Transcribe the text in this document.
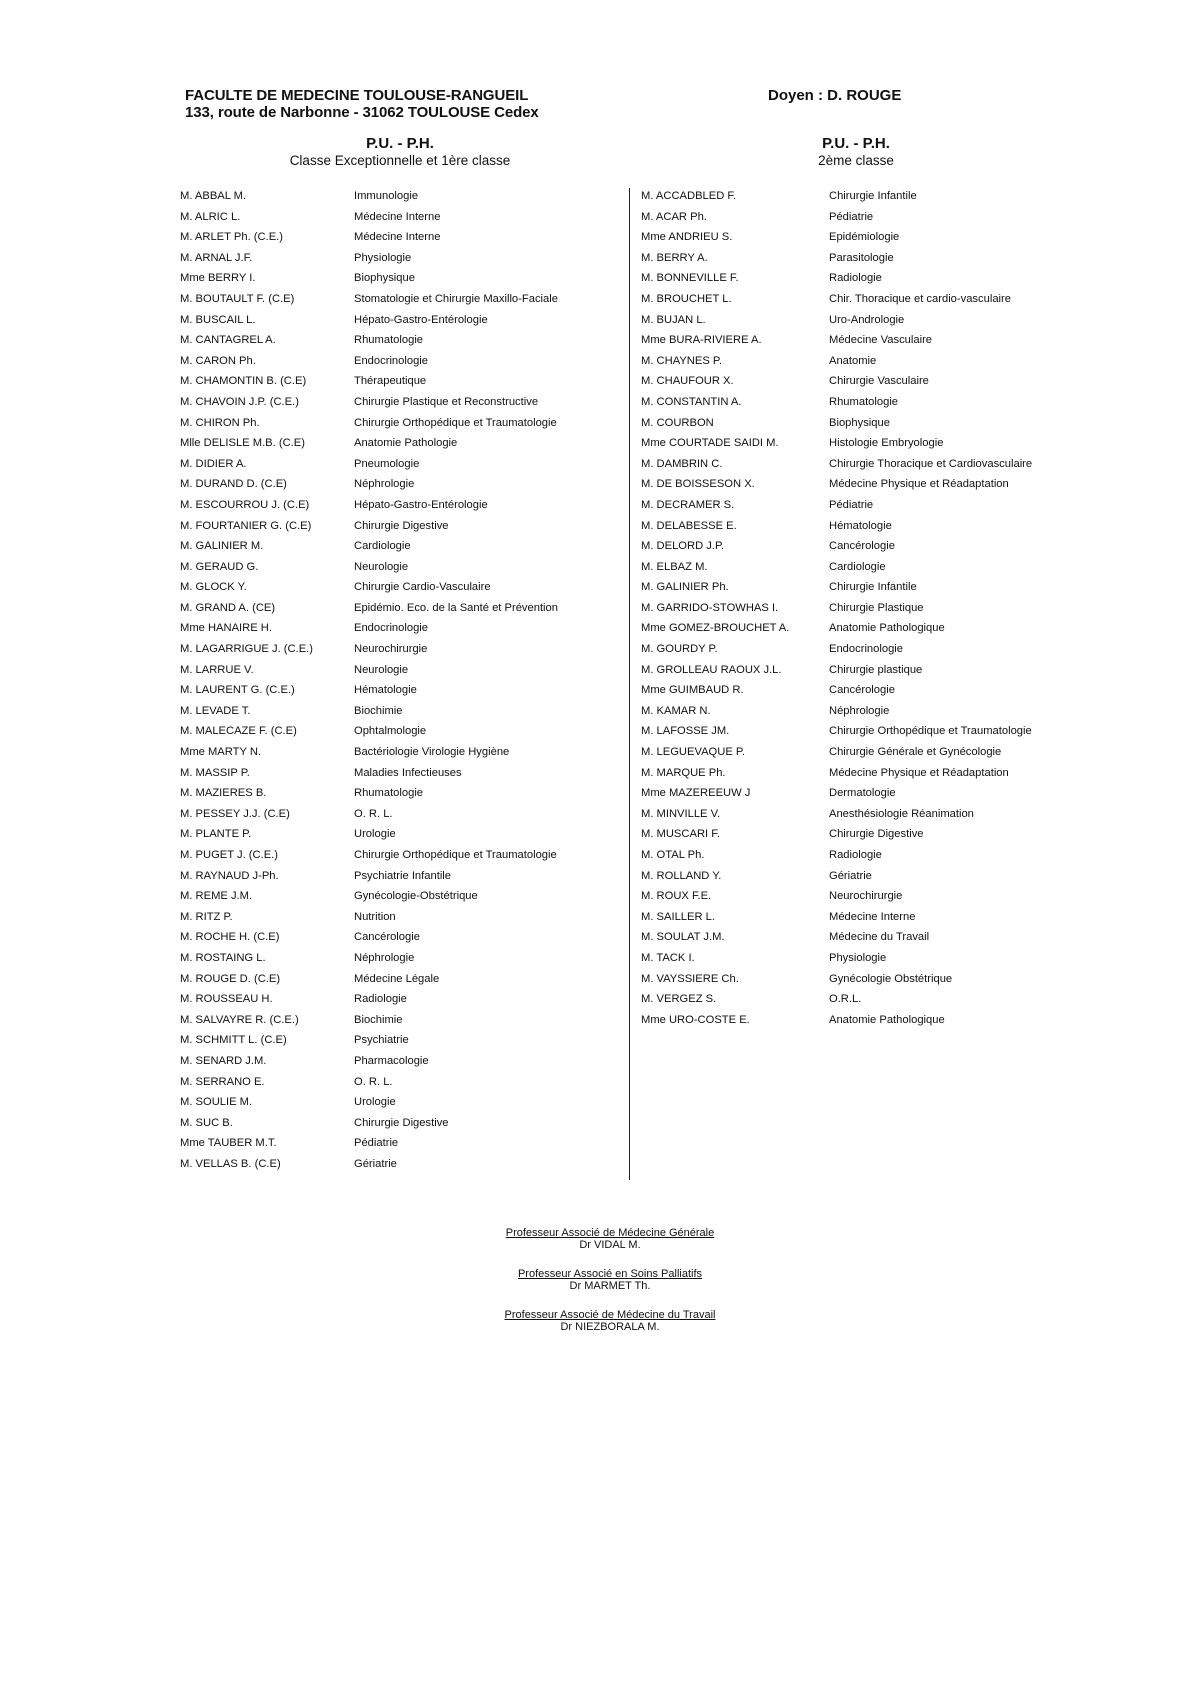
FACULTE DE MEDECINE TOULOUSE-RANGUEIL
133, route de Narbonne - 31062 TOULOUSE Cedex
Doyen : D. ROUGE
P.U. - P.H.
Classe Exceptionnelle et 1ère classe
P.U. - P.H.
2ème classe
M. ABBAL M.	Immunologie
M. ALRIC L.	Médecine Interne
M. ARLET Ph. (C.E.)	Médecine Interne
M. ARNAL J.F.	Physiologie
Mme BERRY I.	Biophysique
M. BOUTAULT F. (C.E)	Stomatologie et Chirurgie Maxillo-Faciale
M. BUSCAIL L.	Hépato-Gastro-Entérologie
M. CANTAGREL A.	Rhumatologie
M. CARON Ph.	Endocrinologie
M. CHAMONTIN B. (C.E)	Thérapeutique
M. CHAVOIN J.P. (C.E.)	Chirurgie Plastique et Reconstructive
M. CHIRON Ph.	Chirurgie Orthopédique et Traumatologie
Mlle DELISLE M.B. (C.E)	Anatomie Pathologie
M. DIDIER A.	Pneumologie
M. DURAND D. (C.E)	Néphrologie
M. ESCOURROU J. (C.E)	Hépato-Gastro-Entérologie
M. FOURTANIER G. (C.E)	Chirurgie Digestive
M. GALINIER M.	Cardiologie
M. GERAUD G.	Neurologie
M. GLOCK Y.	Chirurgie Cardio-Vasculaire
M. GRAND A. (CE)	Epidémio. Eco. de la Santé et Prévention
Mme HANAIRE H.	Endocrinologie
M. LAGARRIGUE J. (C.E.)	Neurochirurgie
M. LARRUE V.	Neurologie
M. LAURENT G. (C.E.)	Hématologie
M. LEVADE T.	Biochimie
M. MALECAZE F. (C.E)	Ophtalmologie
Mme MARTY N.	Bactériologie Virologie Hygiène
M. MASSIP P.	Maladies Infectieuses
M. MAZIERES B.	Rhumatologie
M. PESSEY J.J. (C.E)	O. R. L.
M. PLANTE P.	Urologie
M. PUGET J. (C.E.)	Chirurgie Orthopédique et Traumatologie
M. RAYNAUD J-Ph.	Psychiatrie Infantile
M. REME J.M.	Gynécologie-Obstétrique
M. RITZ P.	Nutrition
M. ROCHE H. (C.E)	Cancérologie
M. ROSTAING L.	Néphrologie
M. ROUGE D. (C.E)	Médecine Légale
M. ROUSSEAU H.	Radiologie
M. SALVAYRE R. (C.E.)	Biochimie
M. SCHMITT L. (C.E)	Psychiatrie
M. SENARD J.M.	Pharmacologie
M. SERRANO E.	O. R. L.
M. SOULIE M.	Urologie
M. SUC B.	Chirurgie Digestive
Mme TAUBER M.T.	Pédiatrie
M. VELLAS B. (C.E)	Gériatrie
M. ACCADBLED F.	Chirurgie Infantile
M. ACAR Ph.	Pédiatrie
Mme ANDRIEU S.	Epidémiologie
M. BERRY A.	Parasitologie
M. BONNEVILLE F.	Radiologie
M. BROUCHET L.	Chir. Thoracique et cardio-vasculaire
M. BUJAN L.	Uro-Andrologie
Mme BURA-RIVIERE A.	Médecine Vasculaire
M. CHAYNES P.	Anatomie
M. CHAUFOUR X.	Chirurgie Vasculaire
M. CONSTANTIN A.	Rhumatologie
M. COURBON	Biophysique
Mme COURTADE SAIDI M.	Histologie Embryologie
M. DAMBRIN C.	Chirurgie Thoracique et Cardiovasculaire
M. DE BOISSESON X.	Médecine Physique et Réadaptation
M. DECRAMER S.	Pédiatrie
M. DELABESSE E.	Hématologie
M. DELORD J.P.	Cancérologie
M. ELBAZ M.	Cardiologie
M. GALINIER Ph.	Chirurgie Infantile
M. GARRIDO-STOWHAS I.	Chirurgie Plastique
Mme GOMEZ-BROUCHET A.	Anatomie Pathologique
M. GOURDY P.	Endocrinologie
M. GROLLEAU RAOUX J.L.	Chirurgie plastique
Mme GUIMBAUD R.	Cancérologie
M. KAMAR N.	Néphrologie
M. LAFOSSE JM.	Chirurgie Orthopédique et Traumatologie
M. LEGUEVAQUE P.	Chirurgie Générale et Gynécologie
M. MARQUE Ph.	Médecine Physique et Réadaptation
Mme MAZEREEUW J	Dermatologie
M. MINVILLE V.	Anesthésiologie Réanimation
M. MUSCARI F.	Chirurgie Digestive
M. OTAL Ph.	Radiologie
M. ROLLAND Y.	Gériatrie
M. ROUX F.E.	Neurochirurgie
M. SAILLER L.	Médecine Interne
M. SOULAT J.M.	Médecine du Travail
M. TACK I.	Physiologie
M. VAYSSIERE Ch.	Gynécologie Obstétrique
M. VERGEZ S.	O.R.L.
Mme URO-COSTE E.	Anatomie Pathologique
Professeur Associé de Médecine Générale
Dr VIDAL M.
Professeur Associé en Soins Palliatifs
Dr MARMET Th.
Professeur Associé de Médecine du Travail
Dr NIEZBORALA M.
